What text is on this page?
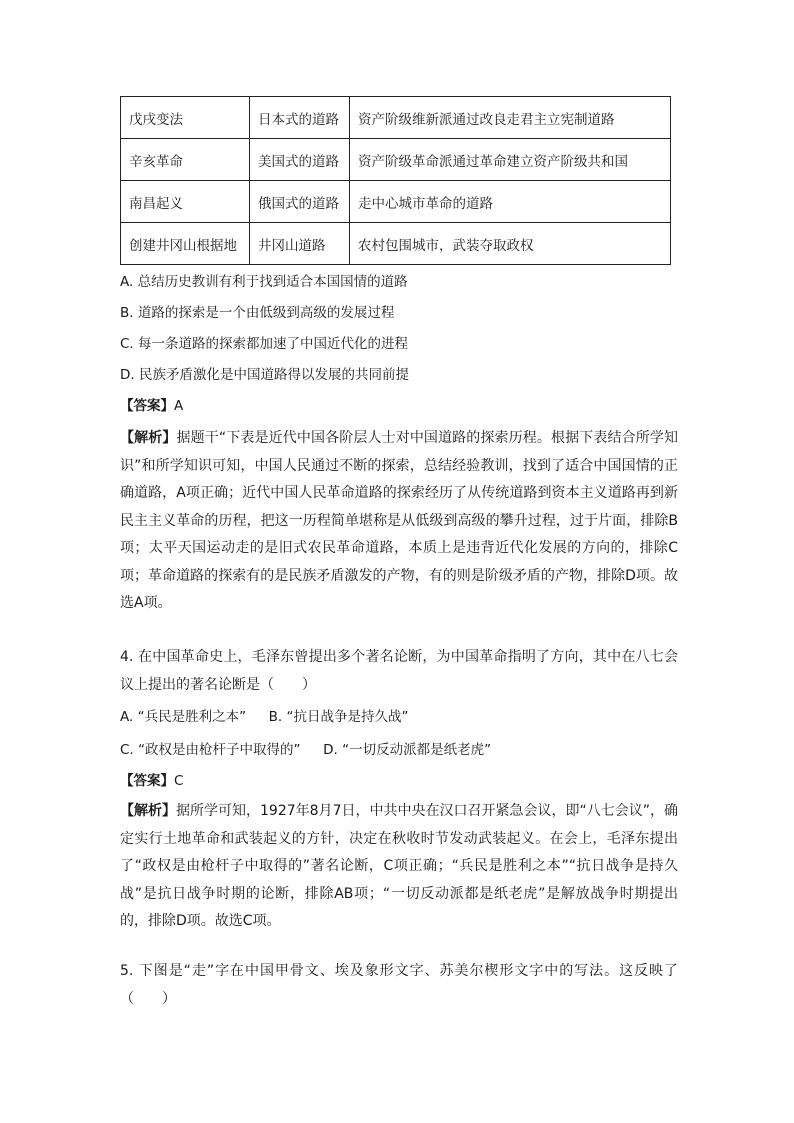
戊戌变法	日本式的道路	资产阶级维新派通过改良走君主立宪制道路
辛亥革命	美国式的道路	资产阶级革命派通过革命建立资产阶级共和国
南昌起义	俄国式的道路	走中心城市革命的道路
创建井冈山根据地	井冈山道路	农村包围城市，武装夺取政权
A. 总结历史教训有利于找到适合本国国情的道路
B. 道路的探索是一个由低级到高级的发展过程
C. 每一条道路的探索都加速了中国近代化的进程
D. 民族矛盾激化是中国道路得以发展的共同前提
【答案】A
【解析】据题干“下表是近代中国各阶层人士对中国道路的探索历程。根据下表结合所学知识”和所学知识可知，中国人民通过不断的探索，总结经验教训，找到了适合中国国情的正确道路，A项正确；近代中国人民革命道路的探索经历了从传统道路到资本主义道路再到新民主主义革命的历程，把这一历程简单堪称是从低级到高级的攀升过程，过于片面，排除B项；太平天国运动走的是旧式农民革命道路，本质上是违背近代化发展的方向的，排除C项；革命道路的探索有的是民族矛盾激发的产物，有的则是阶级矛盾的产物，排除D项。故选A项。
4. 在中国革命史上，毛泽东曾提出多个著名论断，为中国革命指明了方向，其中在八七会议上提出的著名论断是（　　）
A. “兵民是胜利之本” B. “抗日战争是持久战”
C. “政权是由枪杆子中取得的” D. “一切反动派都是纸老虎”
【答案】C
【解析】据所学可知，1927年8月7日，中共中央在汉口召开紧急会议，即“八七会议”，确定实行土地革命和武装起义的方针，决定在秋收时节发动武装起义。在会上，毛泽东提出了“政权是由枪杆子中取得的”著名论断，C项正确；“兵民是胜利之本”“抗日战争是持久战”是抗日战争时期的论断，排除AB项；“一切反动派都是纸老虎”是解放战争时期提出的，排除D项。故选C项。
5. 下图是“走”字在中国甲骨文、埃及象形文字、苏美尔楔形文字中的写法。这反映了（　　）
